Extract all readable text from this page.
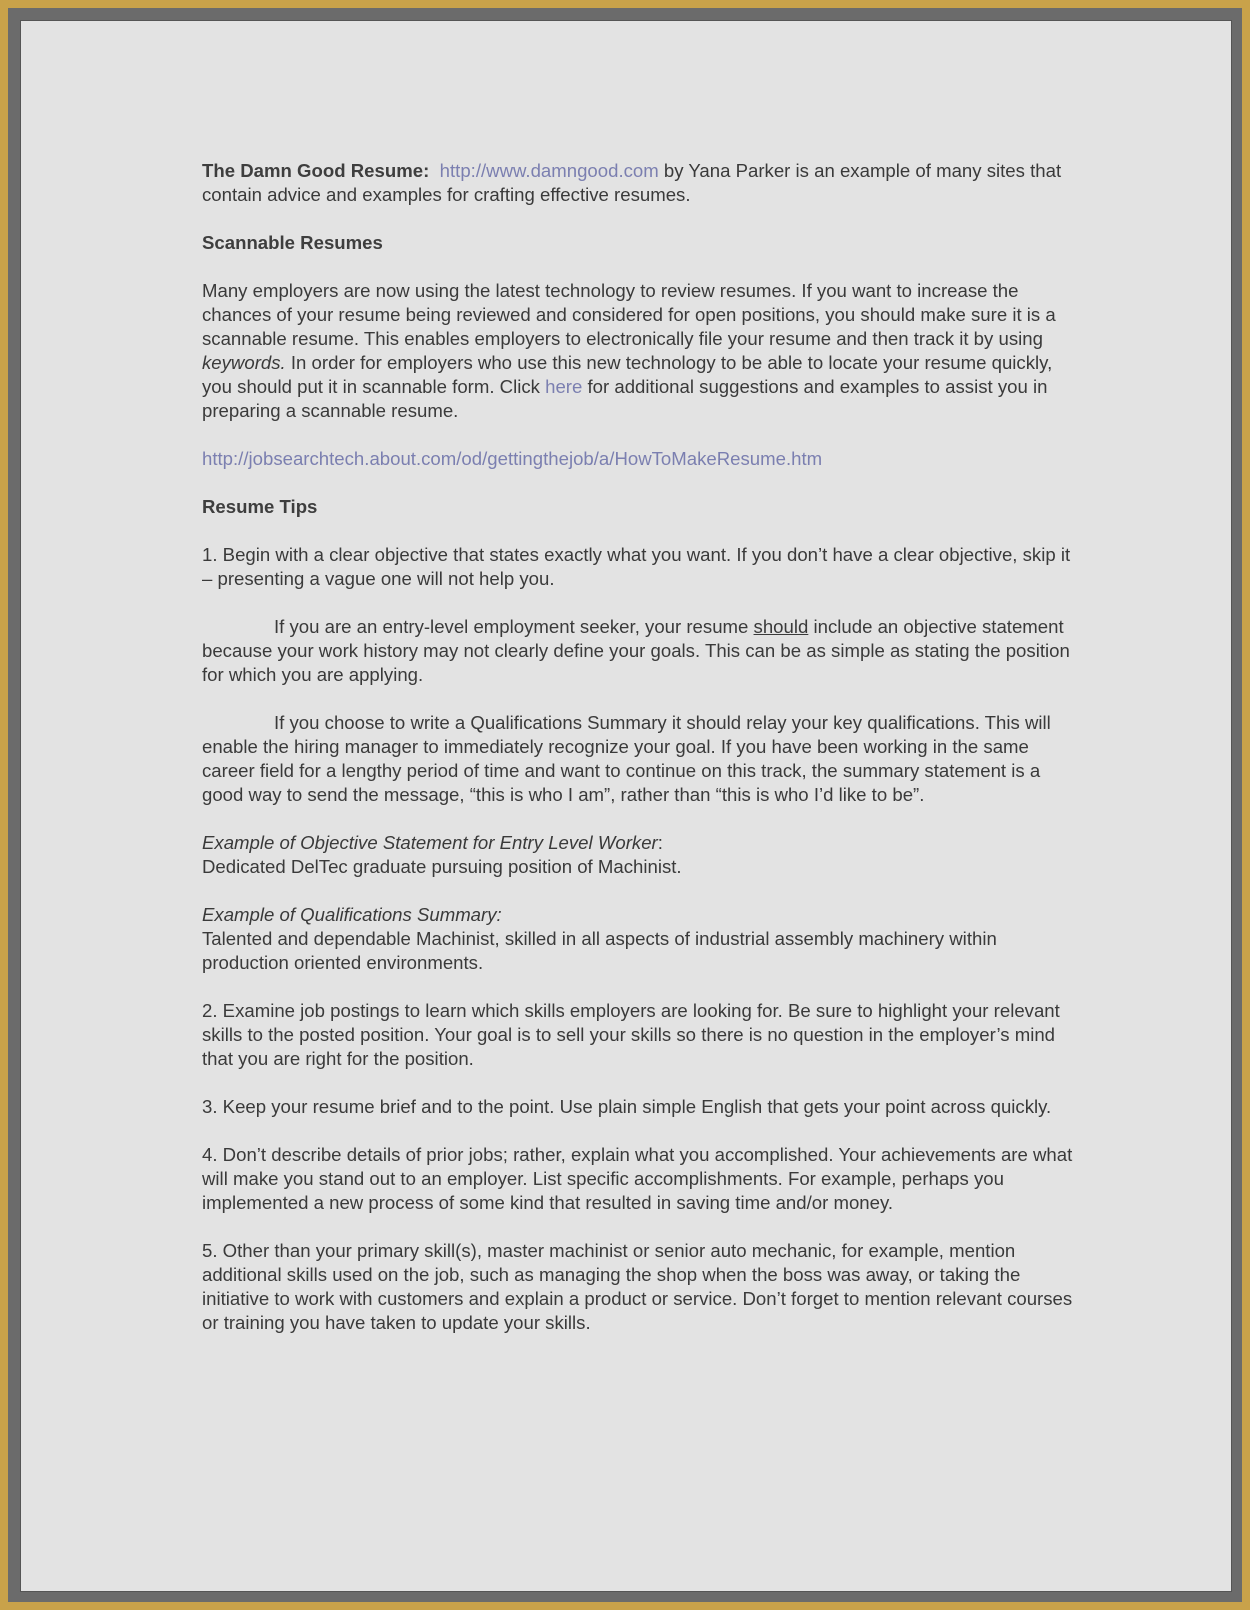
The Damn Good Resume: http://www.damngood.com by Yana Parker is an example of many sites that contain advice and examples for crafting effective resumes.

Scannable Resumes

Many employers are now using the latest technology to review resumes. If you want to increase the chances of your resume being reviewed and considered for open positions, you should make sure it is a scannable resume. This enables employers to electronically file your resume and then track it by using keywords. In order for employers who use this new technology to be able to locate your resume quickly, you should put it in scannable form. Click here for additional suggestions and examples to assist you in preparing a scannable resume.

http://jobsearchtech.about.com/od/gettingthejob/a/HowToMakeResume.htm

Resume Tips

1. Begin with a clear objective that states exactly what you want. If you don’t have a clear objective, skip it – presenting a vague one will not help you.

If you are an entry-level employment seeker, your resume should include an objective statement because your work history may not clearly define your goals. This can be as simple as stating the position for which you are applying.

If you choose to write a Qualifications Summary it should relay your key qualifications. This will enable the hiring manager to immediately recognize your goal. If you have been working in the same career field for a lengthy period of time and want to continue on this track, the summary statement is a good way to send the message, “this is who I am”, rather than “this is who I’d like to be”.

Example of Objective Statement for Entry Level Worker:
Dedicated DelTec graduate pursuing position of Machinist.

Example of Qualifications Summary:
Talented and dependable Machinist, skilled in all aspects of industrial assembly machinery within production oriented environments.

2. Examine job postings to learn which skills employers are looking for. Be sure to highlight your relevant skills to the posted position. Your goal is to sell your skills so there is no question in the employer’s mind that you are right for the position.

3. Keep your resume brief and to the point. Use plain simple English that gets your point across quickly.

4. Don’t describe details of prior jobs; rather, explain what you accomplished. Your achievements are what will make you stand out to an employer. List specific accomplishments. For example, perhaps you implemented a new process of some kind that resulted in saving time and/or money.

5. Other than your primary skill(s), master machinist or senior auto mechanic, for example, mention additional skills used on the job, such as managing the shop when the boss was away, or taking the initiative to work with customers and explain a product or service. Don’t forget to mention relevant courses or training you have taken to update your skills.
